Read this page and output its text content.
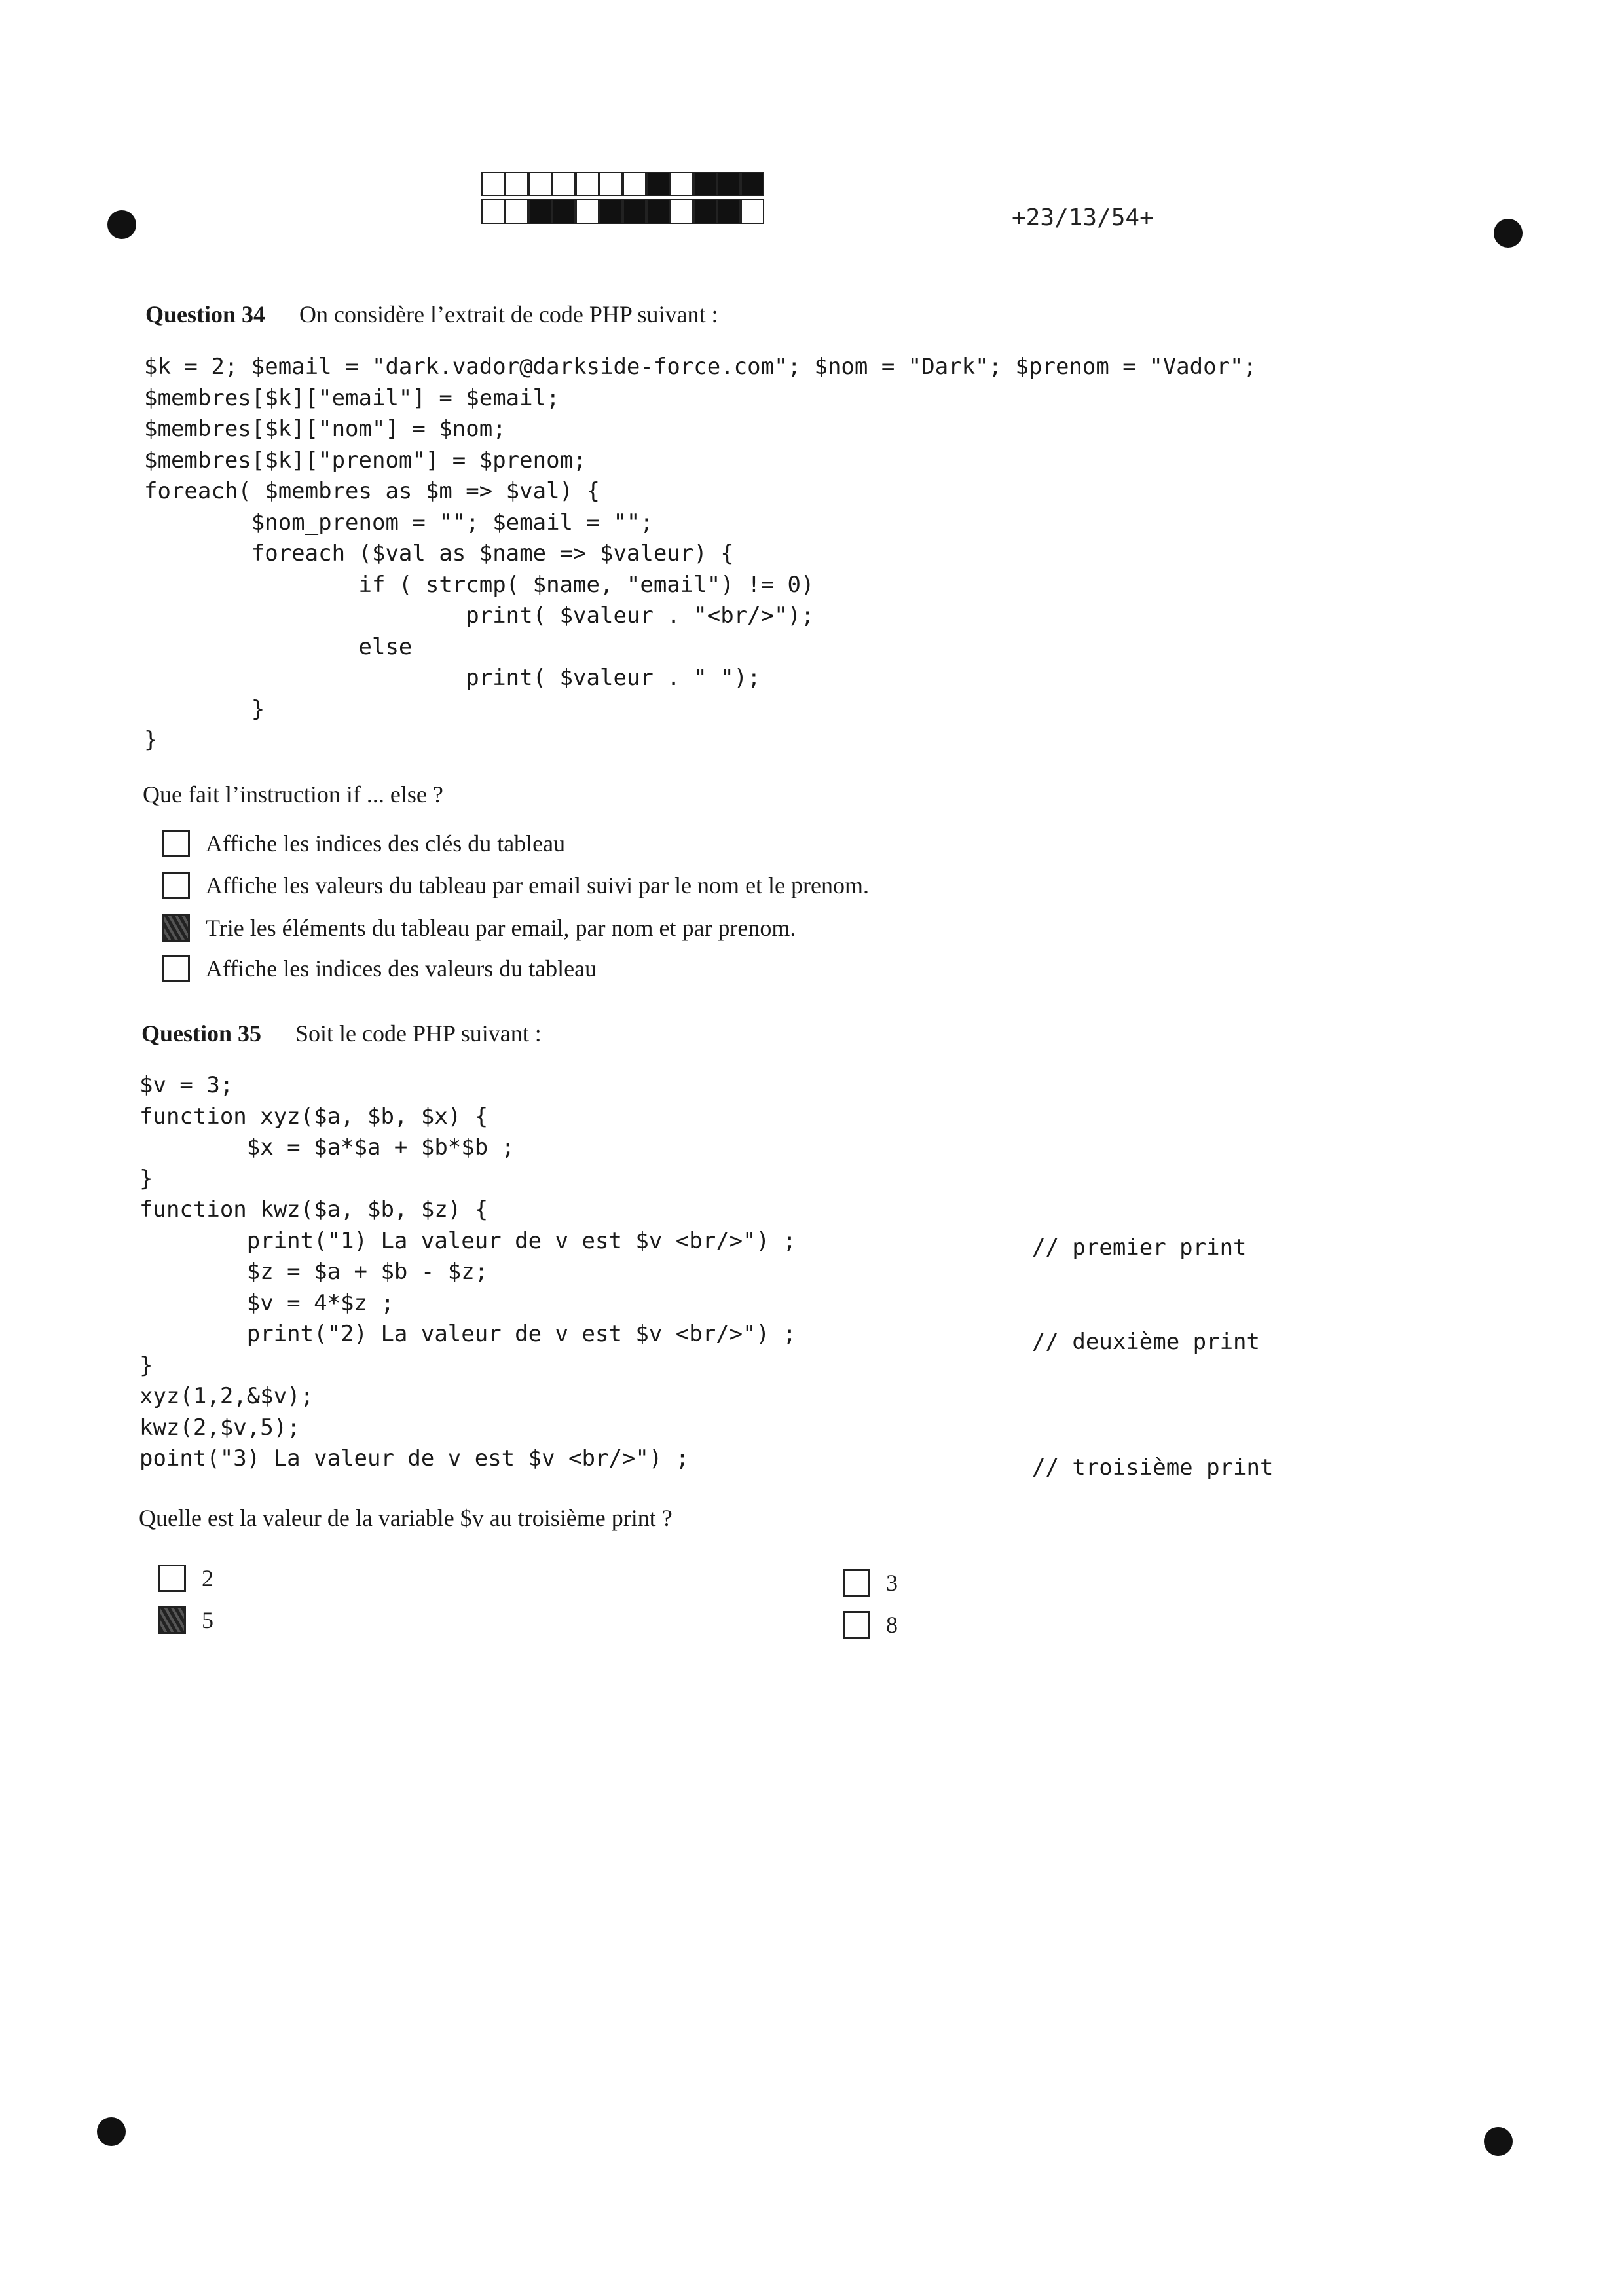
+23/13/54+
Question 34 On considère l’extrait de code PHP suivant :
$k = 2; $email = "dark.vador@darkside-force.com"; $nom = "Dark"; $prenom = "Vador";
$membres[$k]["email"] = $email;
$membres[$k]["nom"] = $nom;
$membres[$k]["prenom"] = $prenom;
foreach( $membres as $m => $val) {
$nom_prenom = ""; $email = "";
foreach ($val as $name => $valeur) {
if ( strcmp( $name, "email") != 0)
print( $valeur . "<br/>");
else
print( $valeur . " ");
}
}
Que fait l’instruction if ... else ?
Affiche les indices des clés du tableau
Affiche les valeurs du tableau par email suivi par le nom et le prenom.
Trie les éléments du tableau par email, par nom et par prenom.
Affiche les indices des valeurs du tableau
Question 35 Soit le code PHP suivant :
$v = 3;
function xyz($a, $b, $x) {
$x = $a*$a + $b*$b ;
}
function kwz($a, $b, $z) {
print("1) La valeur de v est $v <br/>") ;
$z = $a + $b - $z;
$v = 4*$z ;
print("2) La valeur de v est $v <br/>") ;
}
xyz(1,2,&$v);
kwz(2,$v,5);
point("3) La valeur de v est $v <br/>") ;
// premier print
// deuxième print
// troisième print
Quelle est la valeur de la variable $v au troisième print ?
2	3
5	8
